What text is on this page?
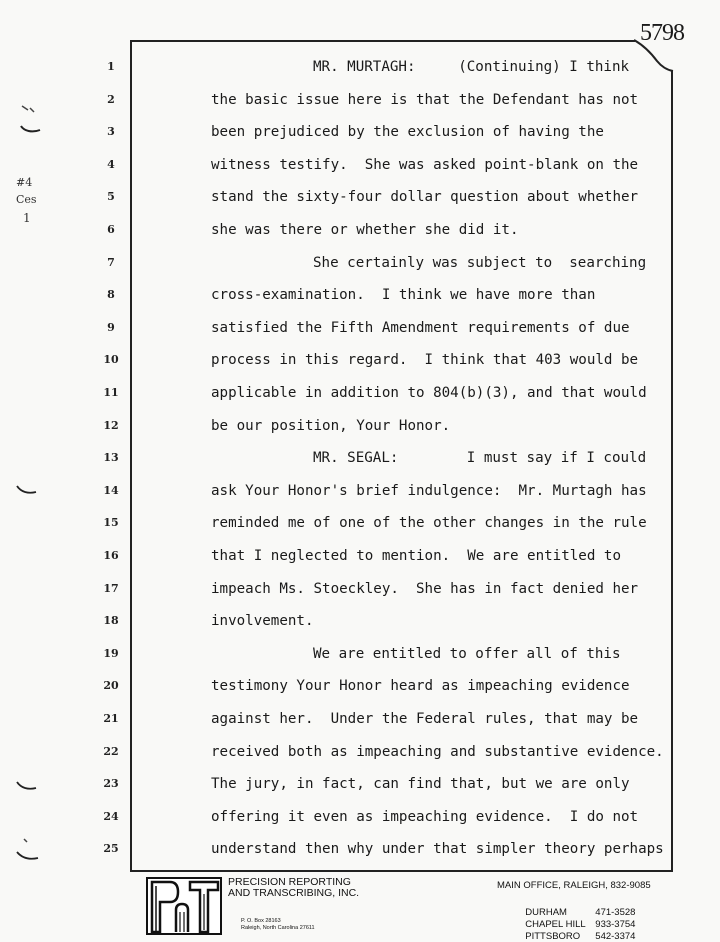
5798
#4
Ces
1
1	MR. MURTAGH:     (Continuing) I think
2	the basic issue here is that the Defendant has not
3	been prejudiced by the exclusion of having the
4	witness testify.  She was asked point-blank on the
5	stand the sixty-four dollar question about whether
6	she was there or whether she did it.
7	She certainly was subject to  searching
8	cross-examination.  I think we have more than
9	satisfied the Fifth Amendment requirements of due
10	process in this regard.  I think that 403 would be
11	applicable in addition to 804(b)(3), and that would
12	be our position, Your Honor.
13	MR. SEGAL:        I must say if I could
14	ask Your Honor's brief indulgence:  Mr. Murtagh has
15	reminded me of one of the other changes in the rule
16	that I neglected to mention.  We are entitled to
17	impeach Ms. Stoeckley.  She has in fact denied her
18	involvement.
19	We are entitled to offer all of this
20	testimony Your Honor heard as impeaching evidence
21	against her.  Under the Federal rules, that may be
22	received both as impeaching and substantive evidence.
23	The jury, in fact, can find that, but we are only
24	offering it even as impeaching evidence.  I do not
25	understand then why under that simpler theory perhaps
PRECISION REPORTING
AND TRANSCRIBING, INC.
P. O. Box 28163
Raleigh, North Carolina 27611
MAIN OFFICE, RALEIGH, 832-9085

DURHAM	471-3528

CHAPEL HILL 933-3754

PITTSBORO 542-3374
